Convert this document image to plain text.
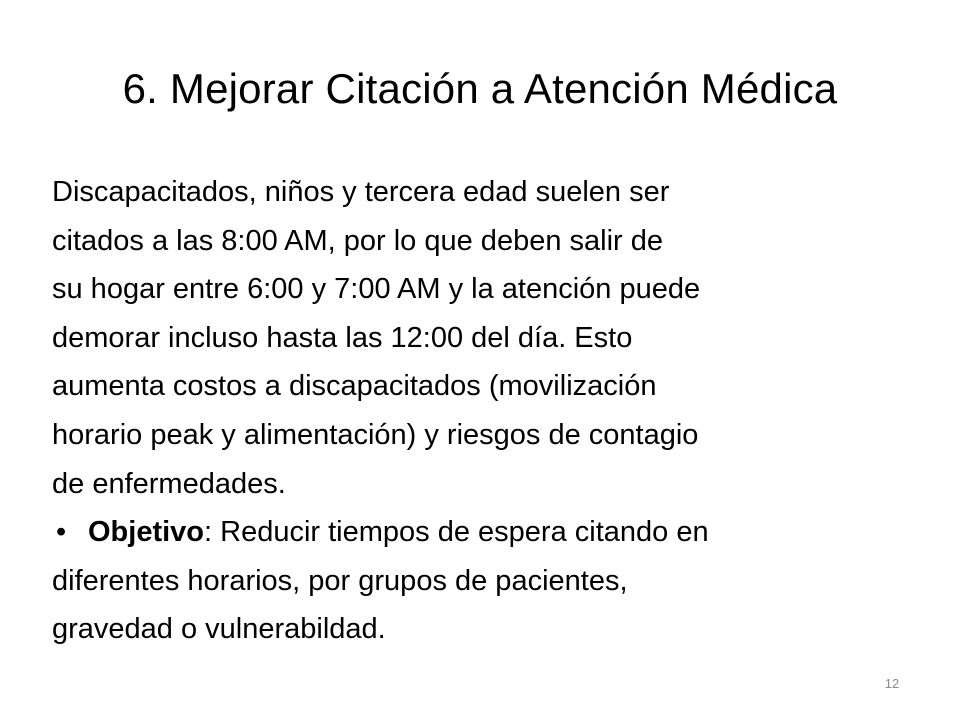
6. Mejorar Citación a Atención Médica

Discapacitados, niños y tercera edad suelen ser
citados a las 8:00 AM, por lo que deben salir de
su hogar entre 6:00 y 7:00 AM y la atención puede
demorar incluso hasta las 12:00 del día. Esto
aumenta costos a discapacitados (movilización
horario peak y alimentación) y riesgos de contagio
de enfermedades.

• Objetivo: Reducir tiempos de espera citando en
diferentes horarios, por grupos de pacientes,
gravedad o vulnerabildad.

12
